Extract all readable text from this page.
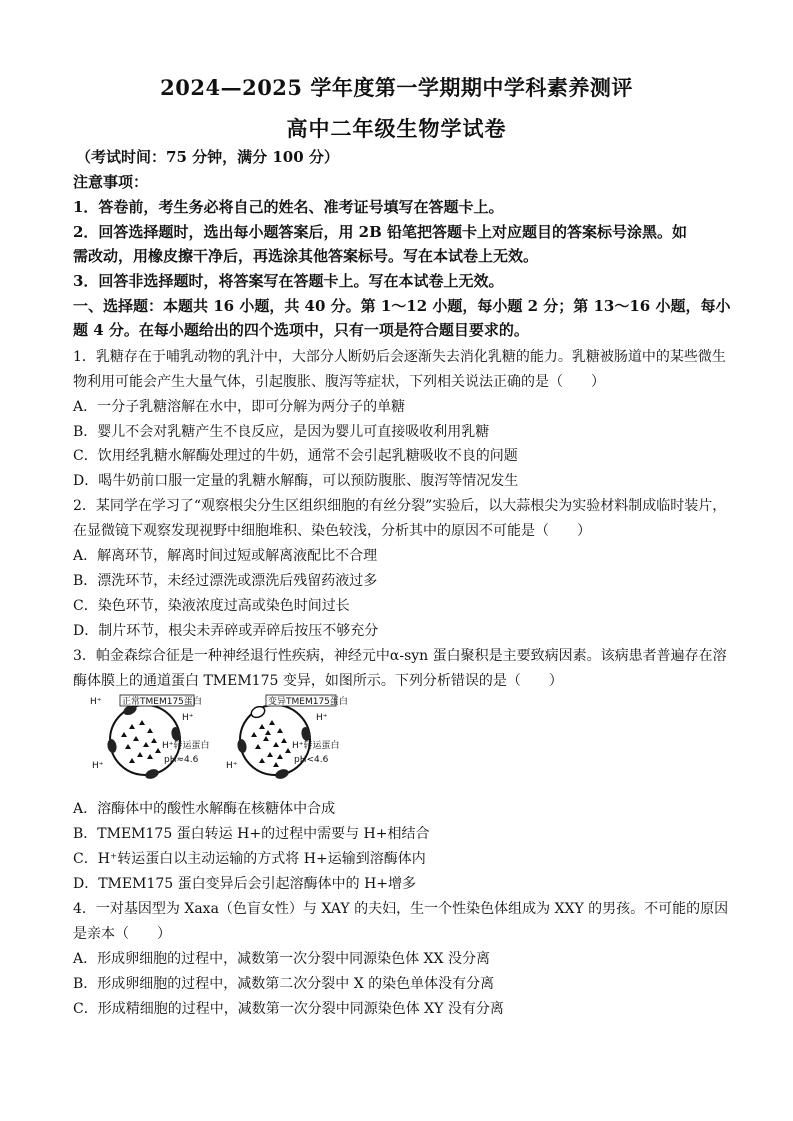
2024—2025 学年度第一学期期中学科素养测评
高中二年级生物学试卷
（考试时间：75 分钟，满分 100 分）
注意事项：
1．答卷前，考生务必将自己的姓名、准考证号填写在答题卡上。
2．回答选择题时，选出每小题答案后，用 2B 铅笔把答题卡上对应题目的答案标号涂黑。如
需改动，用橡皮擦干净后，再选涂其他答案标号。写在本试卷上无效。
3．回答非选择题时，将答案写在答题卡上。写在本试卷上无效。
一、选择题：本题共 16 小题，共 40 分。第 1～12 小题，每小题 2 分；第 13～16 小题，每小
题 4 分。在每小题给出的四个选项中，只有一项是符合题目要求的。
1．乳糖存在于哺乳动物的乳汁中，大部分人断奶后会逐渐失去消化乳糖的能力。乳糖被肠道中的某些微生
物利用可能会产生大量气体，引起腹胀、腹泻等症状，下列相关说法正确的是（　　）
A．一分子乳糖溶解在水中，即可分解为两分子的单糖
B．婴儿不会对乳糖产生不良反应，是因为婴儿可直接吸收利用乳糖
C．饮用经乳糖水解酶处理过的牛奶，通常不会引起乳糖吸收不良的问题
D．喝牛奶前口服一定量的乳糖水解酶，可以预防腹胀、腹泻等情况发生
2．某同学在学习了“观察根尖分生区组织细胞的有丝分裂”实验后，以大蒜根尖为实验材料制成临时装片，
在显微镜下观察发现视野中细胞堆积、染色较浅，分析其中的原因不可能是（　　）
A．解离环节，解离时间过短或解离液配比不合理
B．漂洗环节，未经过漂洗或漂洗后残留药液过多
C．染色环节，染液浓度过高或染色时间过长
D．制片环节，根尖未弄碎或弄碎后按压不够充分
3．帕金森综合征是一种神经退行性疾病，神经元中α-syn 蛋白聚积是主要致病因素。该病患者普遍存在溶
酶体膜上的通道蛋白 TMEM175 变异，如图所示。下列分析错误的是（　　）
H⁺ 正常TMEM175蛋白
H⁺
H⁺
H⁺转运蛋白
pH≈4.6
变异TMEM175蛋白
H⁺
H⁺
H⁺转运蛋白
pH<4.6
A．溶酶体中的酸性水解酶在核糖体中合成
B．TMEM175 蛋白转运 H+的过程中需要与 H+相结合
C．H⁺转运蛋白以主动运输的方式将 H+运输到溶酶体内
D．TMEM175 蛋白变异后会引起溶酶体中的 H+增多
4．一对基因型为 Xaxa（色盲女性）与 XAY 的夫妇，生一个性染色体组成为 XXY 的男孩。不可能的原因
是亲本（　　）
A．形成卵细胞的过程中，减数第一次分裂中同源染色体 XX 没分离
B．形成卵细胞的过程中，减数第二次分裂中 X 的染色单体没有分离
C．形成精细胞的过程中，减数第一次分裂中同源染色体 XY 没有分离
